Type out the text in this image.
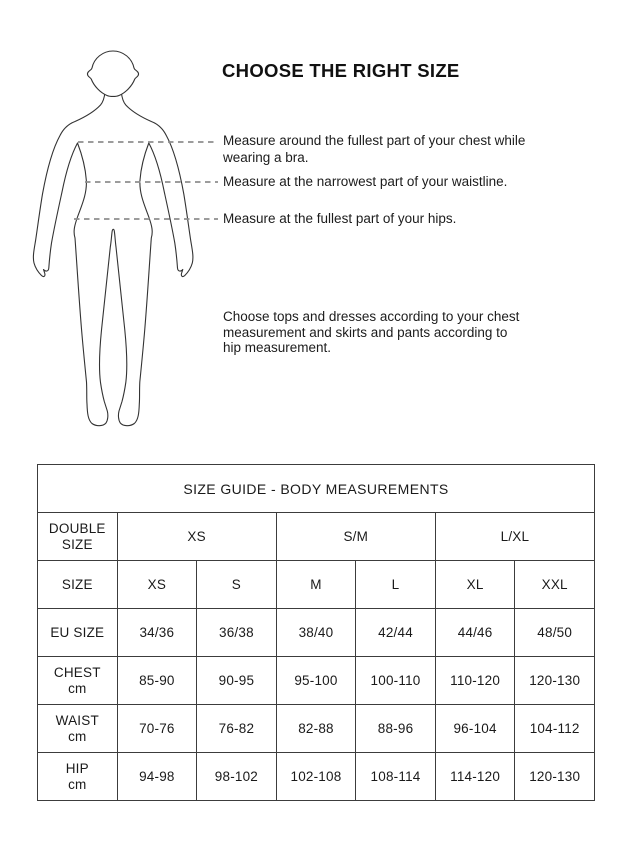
CHOOSE THE RIGHT SIZE
Measure around the fullest part of your chest while
wearing a bra.
Measure at the narrowest part of your waistline.
Measure at the fullest part of your hips.
Choose tops and dresses according to your chest
measurement and skirts and pants according to
hip measurement.
SIZE GUIDE - BODY MEASUREMENTS						

DOUBLE
SIZE	XS		S/M		L/XL	
SIZE	XS	S	M	L	XL	XXL
EU SIZE	34/36	36/38	38/40	42/44	44/46	48/50

CHEST
cm	85-90	90-95	95-100	100-110	110-120	120-130

WAIST
cm	70-76	76-82	82-88	88-96	96-104	104-112

HIP
cm	94-98	98-102	102-108	108-114	114-120	120-130
